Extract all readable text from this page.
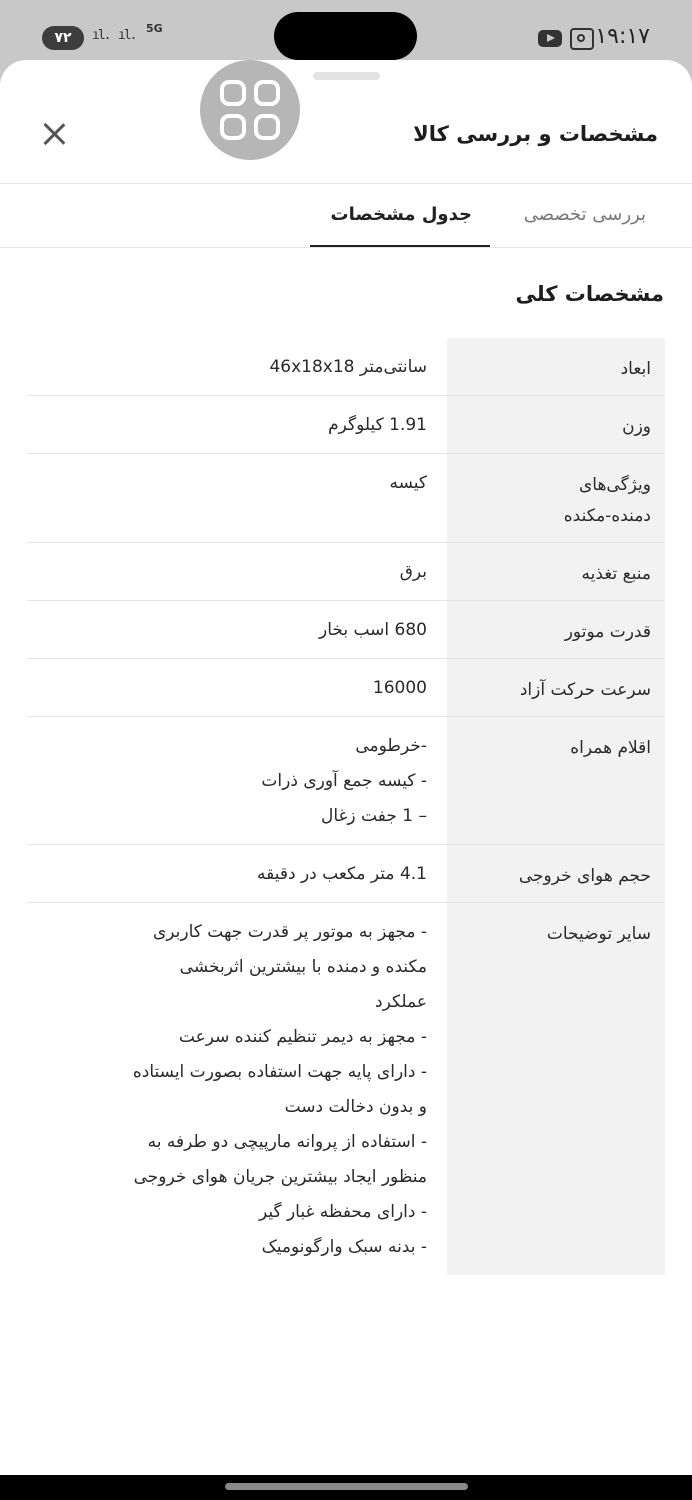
۷۲	ıl. ıl. 5G	۱۹:۱۷
مشخصات و بررسی کالا
بررسی تخصصی
جدول مشخصات
مشخصات کلی
ابعاد
سانتی‌متر 46x18x18
وزن
1.91 کیلوگرم
ویژگی‌های
دمنده-مکنده
کیسه
منبع تغذیه
برق
قدرت موتور
680 اسب بخار
سرعت حرکت آزاد
16000
اقلام همراه
-خرطومی
- کیسه جمع آوری ذرات
– 1 جفت زغال
حجم هوای خروجی
4.1 متر مکعب در دقیقه
سایر توضیحات
- مجهز به موتور پر قدرت جهت کاربری
مکنده و دمنده با بیشترین اثربخشی
عملکرد
- مجهز به دیمر تنظیم کننده سرعت
- دارای پایه جهت استفاده بصورت ایستاده
و بدون دخالت دست
- استفاده از پروانه مارپیچی دو طرفه به
منظور ایجاد بیشترین جریان هوای خروجی
- دارای محفظه غبار گیر
- بدنه سبک وارگونومیک
